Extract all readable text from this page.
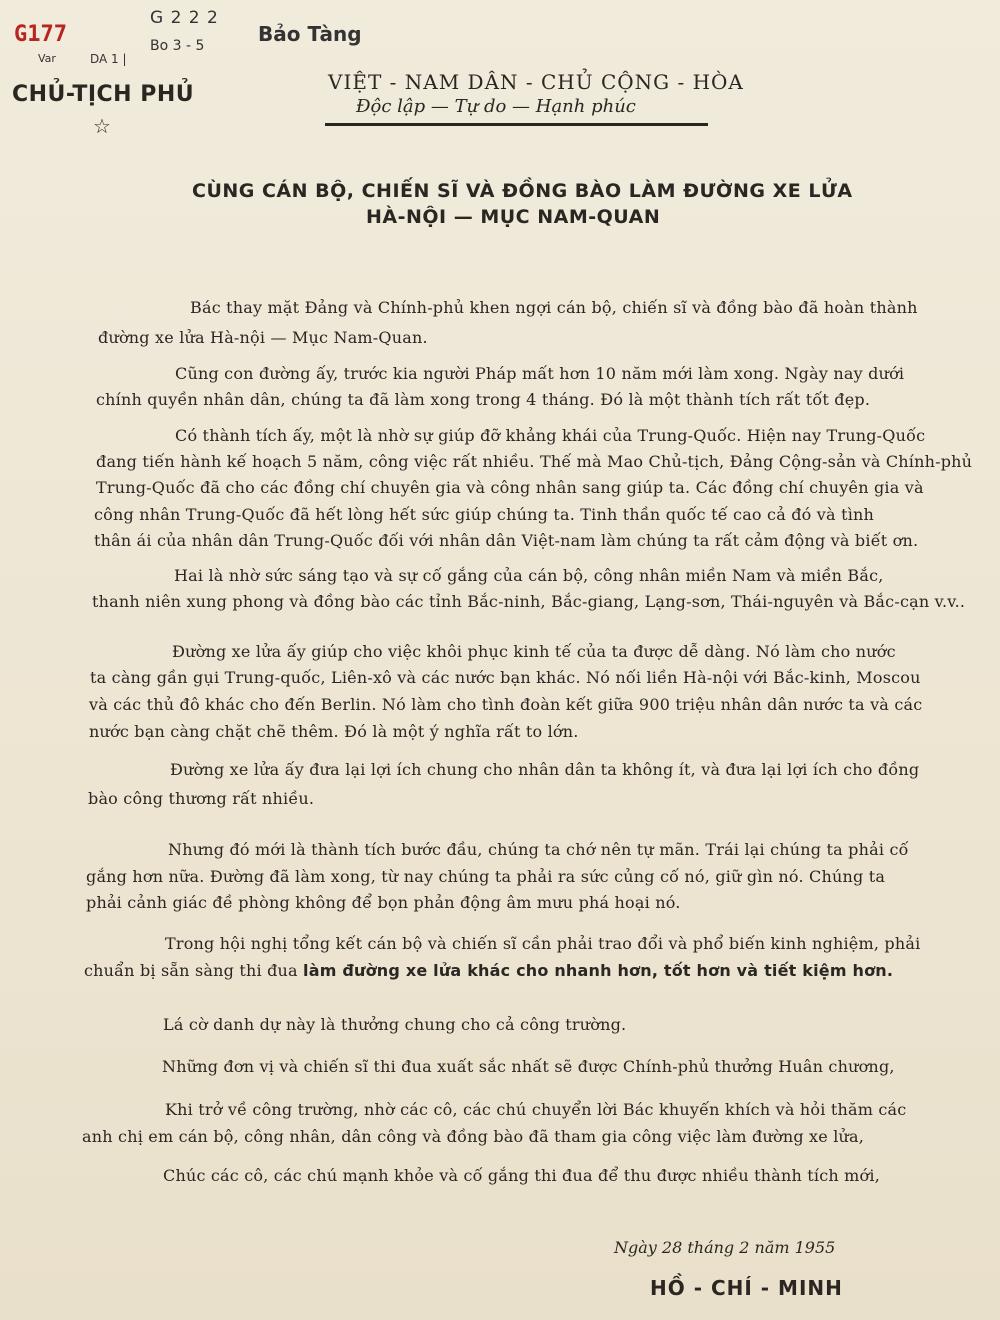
G177
G 2 2 2
Var	DA 1 |
Bo 3 - 5	Bảo Tàng
CHỦ-TỊCH PHỦ
☆
VIỆT - NAM DÂN - CHỦ CỘNG - HÒA
Độc lập — Tự do — Hạnh phúc
CÙNG CÁN BỘ, CHIẾN SĨ VÀ ĐỒNG BÀO LÀM ĐƯỜNG XE LỬA
HÀ-NỘI — MỤC NAM-QUAN
Bác thay mặt Đảng và Chính-phủ khen ngợi cán bộ, chiến sĩ và đồng bào đã hoàn thành
đường xe lửa Hà-nội — Mục Nam-Quan.
Cũng con đường ấy, trước kia người Pháp mất hơn 10 năm mới làm xong. Ngày nay dưới
chính quyền nhân dân, chúng ta đã làm xong trong 4 tháng. Đó là một thành tích rất tốt đẹp.
Có thành tích ấy, một là nhờ sự giúp đỡ khảng khái của Trung-Quốc. Hiện nay Trung-Quốc
đang tiến hành kế hoạch 5 năm, công việc rất nhiều. Thế mà Mao Chủ-tịch, Đảng Cộng-sản và Chính-phủ
Trung-Quốc đã cho các đồng chí chuyên gia và công nhân sang giúp ta. Các đồng chí chuyên gia và
công nhân Trung-Quốc đã hết lòng hết sức giúp chúng ta. Tinh thần quốc tế cao cả đó và tình
thân ái của nhân dân Trung-Quốc đối với nhân dân Việt-nam làm chúng ta rất cảm động và biết ơn.
Hai là nhờ sức sáng tạo và sự cố gắng của cán bộ, công nhân miền Nam và miền Bắc,
thanh niên xung phong và đồng bào các tỉnh Bắc-ninh, Bắc-giang, Lạng-sơn, Thái-nguyên và Bắc-cạn v.v..
Đường xe lửa ấy giúp cho việc khôi phục kinh tế của ta được dễ dàng. Nó làm cho nước
ta càng gần gụi Trung-quốc, Liên-xô và các nước bạn khác. Nó nối liền Hà-nội với Bắc-kinh, Moscou
và các thủ đô khác cho đến Berlin. Nó làm cho tình đoàn kết giữa 900 triệu nhân dân nước ta và các
nước bạn càng chặt chẽ thêm. Đó là một ý nghĩa rất to lớn.
Đường xe lửa ấy đưa lại lợi ích chung cho nhân dân ta không ít, và đưa lại lợi ích cho đồng
bào công thương rất nhiều.
Nhưng đó mới là thành tích bước đầu, chúng ta chớ nên tự mãn. Trái lại chúng ta phải cố
gắng hơn nữa. Đường đã làm xong, từ nay chúng ta phải ra sức củng cố nó, giữ gìn nó. Chúng ta
phải cảnh giác đề phòng không để bọn phản động âm mưu phá hoại nó.
Trong hội nghị tổng kết cán bộ và chiến sĩ cần phải trao đổi và phổ biến kinh nghiệm, phải
chuẩn bị sẵn sàng thi đua làm đường xe lửa khác cho nhanh hơn, tốt hơn và tiết kiệm hơn.
Lá cờ danh dự này là thưởng chung cho cả công trường.
Những đơn vị và chiến sĩ thi đua xuất sắc nhất sẽ được Chính-phủ thưởng Huân chương,
Khi trở về công trường, nhờ các cô, các chú chuyển lời Bác khuyến khích và hỏi thăm các
anh chị em cán bộ, công nhân, dân công và đồng bào đã tham gia công việc làm đường xe lửa,
Chúc các cô, các chú mạnh khỏe và cố gắng thi đua để thu được nhiều thành tích mới,
Ngày 28 tháng 2 năm 1955
HỒ - CHÍ - MINH
